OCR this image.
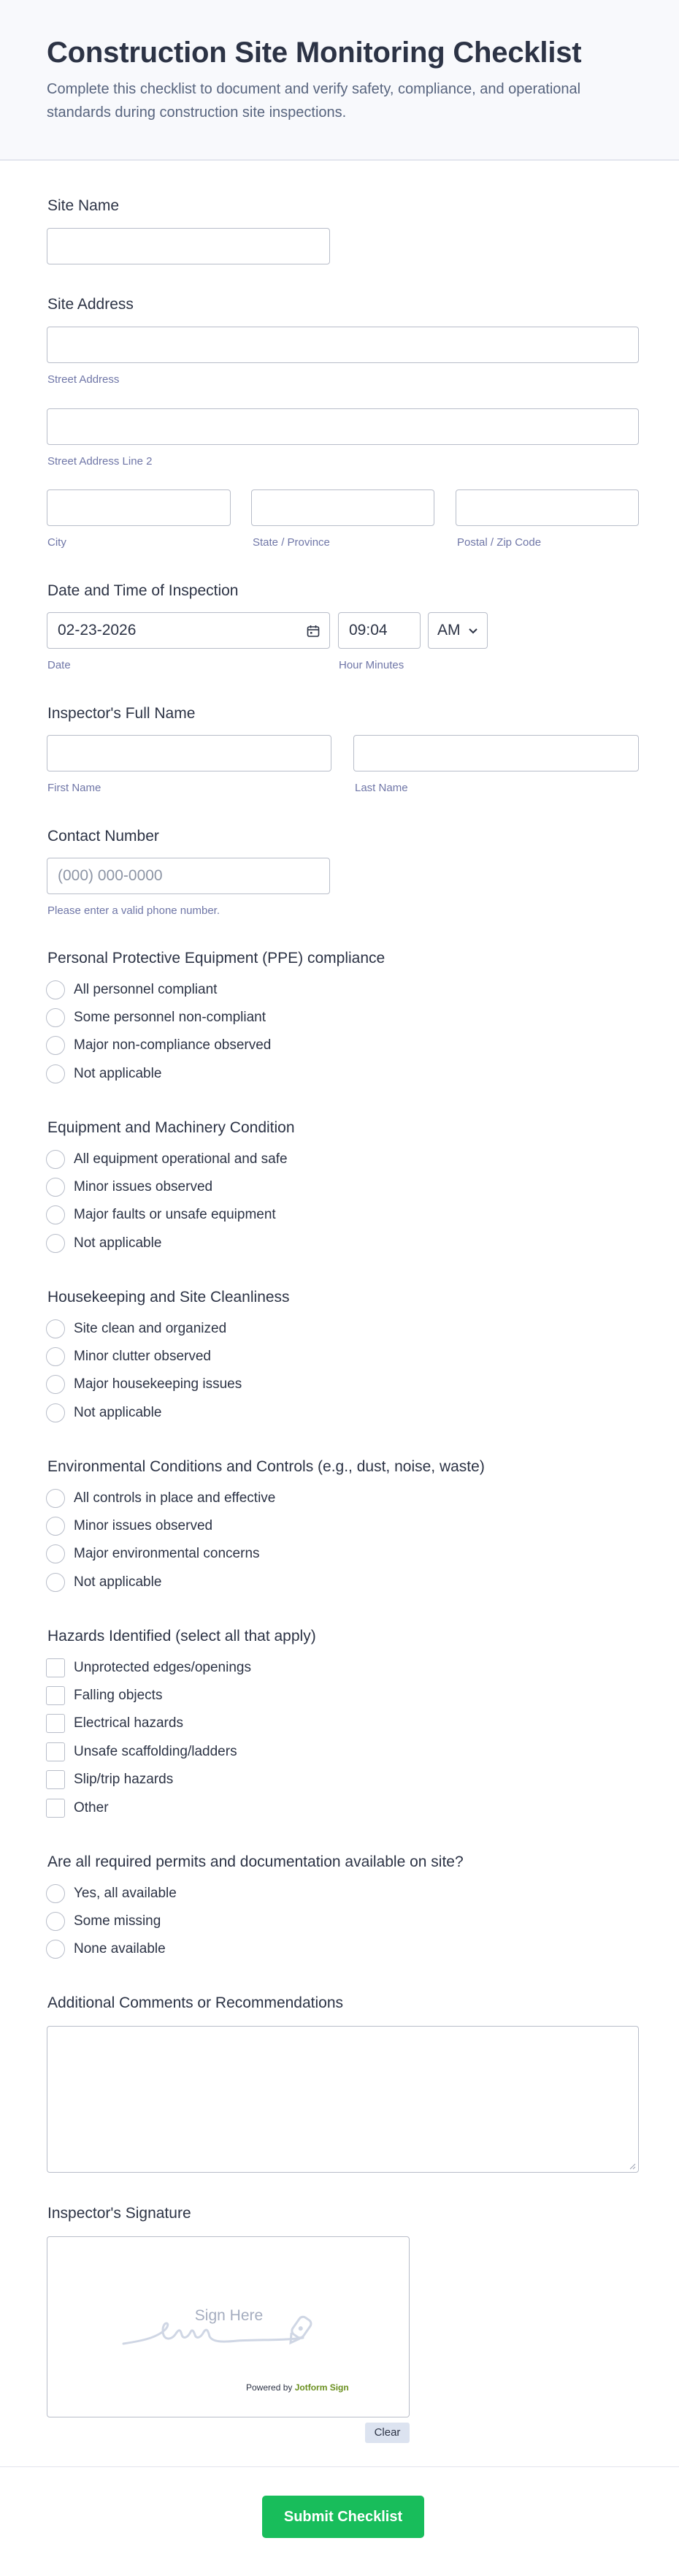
Construction Site Monitoring Checklist

Complete this checklist to document and verify safety, compliance, and operational standards during construction site inspections.

Site Name
Site Address
Street Address
Street Address Line 2
City	State / Province	Postal / Zip Code
Date and Time of Inspection
02-23-2026
Date
09:04	AM
Hour Minutes
Inspector's Full Name
First Name	Last Name
Contact Number
(000) 000-0000
Please enter a valid phone number.
Personal Protective Equipment (PPE) compliance
All personnel compliant
Some personnel non-compliant
Major non-compliance observed
Not applicable
Equipment and Machinery Condition
All equipment operational and safe
Minor issues observed
Major faults or unsafe equipment
Not applicable
Housekeeping and Site Cleanliness
Site clean and organized
Minor clutter observed
Major housekeeping issues
Not applicable
Environmental Conditions and Controls (e.g., dust, noise, waste)
All controls in place and effective
Minor issues observed
Major environmental concerns
Not applicable
Hazards Identified (select all that apply)
Unprotected edges/openings
Falling objects
Electrical hazards
Unsafe scaffolding/ladders
Slip/trip hazards
Other
Are all required permits and documentation available on site?
Yes, all available
Some missing
None available
Additional Comments or Recommendations
Inspector's Signature
Sign Here
Powered by Jotform Sign
Clear
Submit Checklist
